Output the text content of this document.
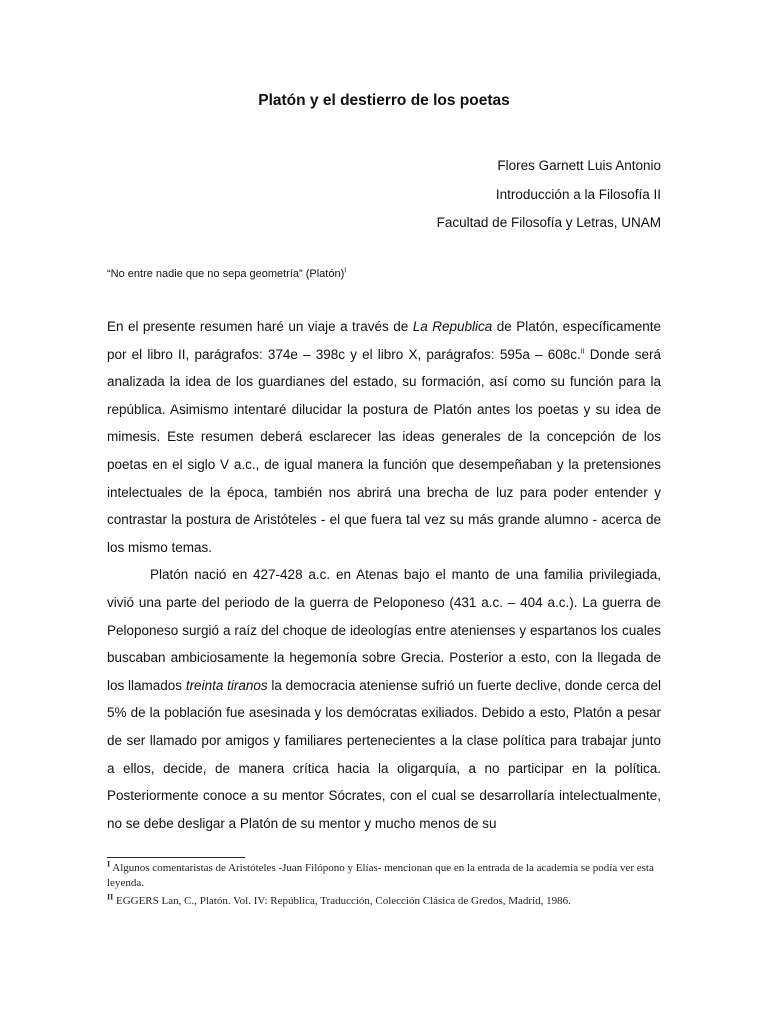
Platón y el destierro de los poetas
Flores Garnett Luis Antonio
Introducción a la Filosofía II
Facultad de Filosofía y Letras, UNAM
“No entre nadie que no sepa geometría” (Platón)$^I$

En el presente resumen haré un viaje a través de La Republica de Platón, específicamente por el libro II, parágrafos: 374e – 398c y el libro X, parágrafos: 595a – 608c.$^{II}$ Donde será analizada la idea de los guardianes del estado, su formación, así como su función para la república. Asimismo intentaré dilucidar la postura de Platón antes los poetas y su idea de mimesis. Este resumen deberá esclarecer las ideas generales de la concepción de los poetas en el siglo V a.c., de igual manera la función que desempeñaban y la pretensiones intelectuales de la época, también nos abrirá una brecha de luz para poder entender y contrastar la postura de Aristóteles - el que fuera tal vez su más grande alumno - acerca de los mismo temas.

Platón nació en 427-428 a.c. en Atenas bajo el manto de una familia privilegiada, vivió una parte del periodo de la guerra de Peloponeso (431 a.c. – 404 a.c.). La guerra de Peloponeso surgió a raíz del choque de ideologías entre atenienses y espartanos los cuales buscaban ambiciosamente la hegemonía sobre Grecia. Posterior a esto, con la llegada de los llamados treinta tiranos la democracia ateniense sufrió un fuerte declive, donde cerca del 5% de la población fue asesinada y los demócratas exiliados. Debido a esto, Platón a pesar de ser llamado por amigos y familiares pertenecientes a la clase política para trabajar junto a ellos, decide, de manera crítica hacia la oligarquía, a no participar en la política. Posteriormente conoce a su mentor Sócrates, con el cual se desarrollaría intelectualmente, no se debe desligar a Platón de su mentor y mucho menos de su

$^I$ Algunos comentaristas de Aristóteles -Juan Filópono y Elías- mencionan que en la entrada de la academia se podía ver esta leyenda.
$^{II}$ EGGERS Lan, C., Platón. Vol. IV: República, Traducción, Colección Clásica de Gredos, Madrid, 1986.
